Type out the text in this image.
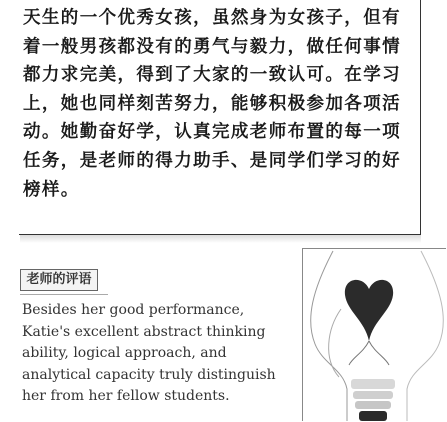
天生的一个优秀女孩，虽然身为女孩子，但有着一般男孩都没有的勇气与毅力，做任何事情都力求完美，得到了大家的一致认可。在学习上，她也同样刻苦努力，能够积极参加各项活动。她勤奋好学，认真完成老师布置的每一项任务，是老师的得力助手、是同学们学习的好榜样。
老师的评语
Besides her good performance, Katie's excellent abstract thinking ability, logical approach, and analytical capacity truly distinguish her from her fellow students.
